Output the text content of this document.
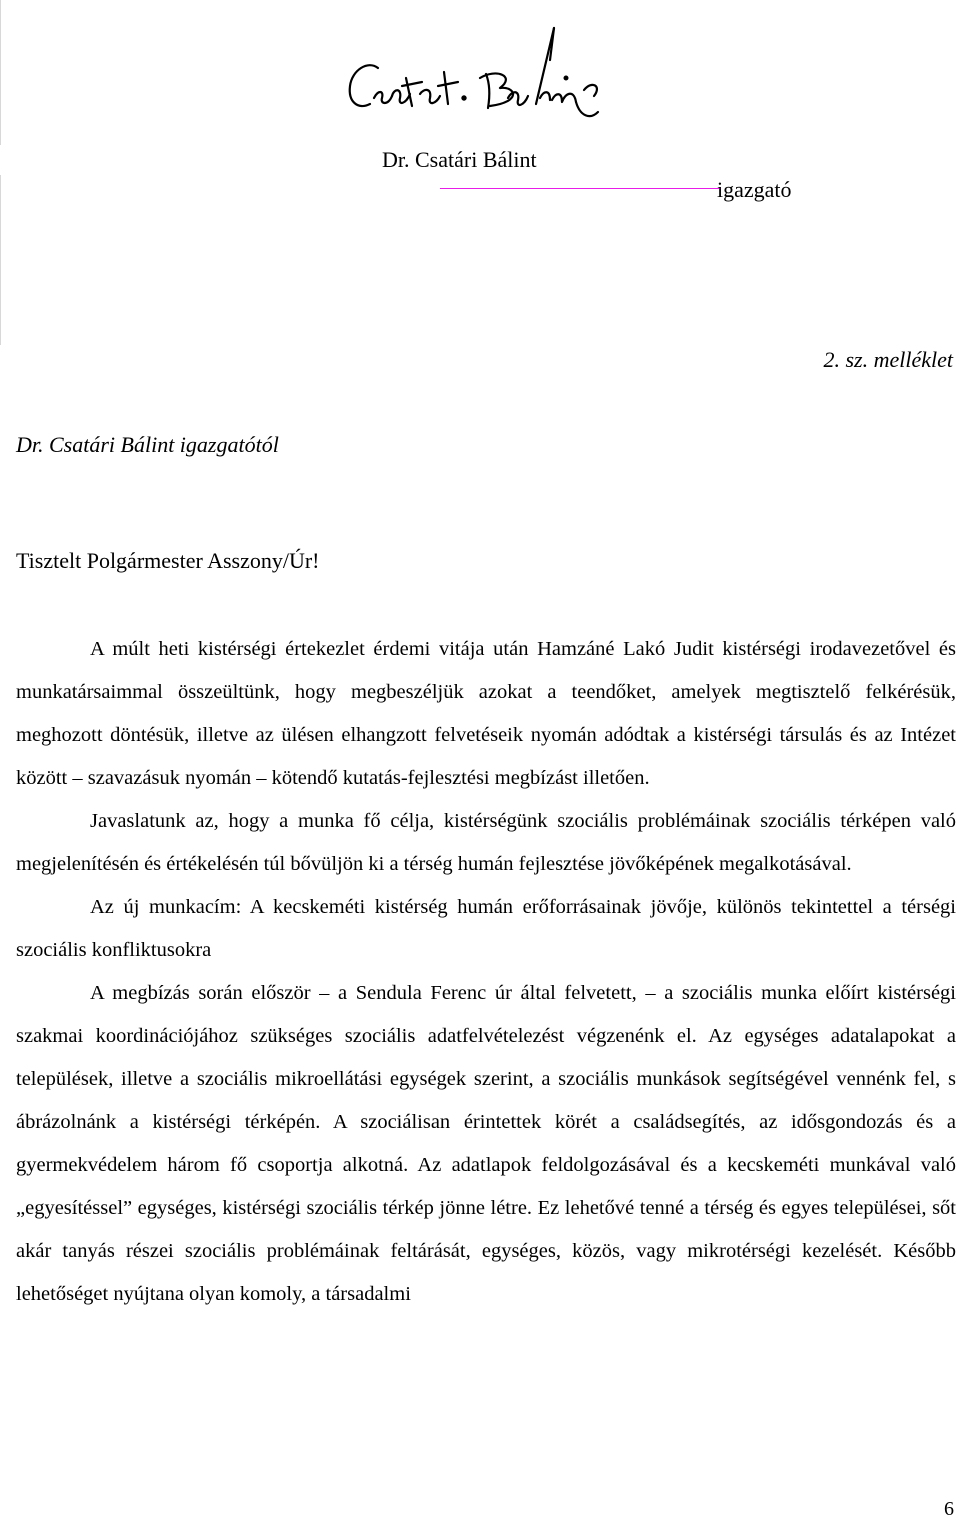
Dr. Csatári Bálint
igazgató
2. sz. melléklet
Dr. Csatári Bálint igazgatótól
Tisztelt Polgármester Asszony/Úr!

A múlt heti kistérségi értekezlet érdemi vitája után Hamzáné Lakó Judit kistérségi irodavezetővel és munkatársaimmal összeültünk, hogy megbeszéljük azokat a teendőket, amelyek megtisztelő felkérésük, meghozott döntésük, illetve az ülésen elhangzott felvetéseik nyomán adódtak a kistérségi társulás és az Intézet között – szavazásuk nyomán – kötendő kutatás-fejlesztési megbízást illetően.

Javaslatunk az, hogy a munka fő célja, kistérségünk szociális problémáinak szociális térképen való megjelenítésén és értékelésén túl bővüljön ki a térség humán fejlesztése jövőképének megalkotásával.

Az új munkacím: A kecskeméti kistérség humán erőforrásainak jövője, különös tekintettel a térségi szociális konfliktusokra

A megbízás során először – a Sendula Ferenc úr által felvetett, – a szociális munka előírt kistérségi szakmai koordinációjához szükséges szociális adatfelvételezést végzenénk el. Az egységes adatalapokat a települések, illetve a szociális mikroellátási egységek szerint, a szociális munkások segítségével vennénk fel, s ábrázolnánk a kistérségi térképén. A szociálisan érintettek körét a családsegítés, az idősgondozás és a gyermekvédelem három fő csoportja alkotná. Az adatlapok feldolgozásával és a kecskeméti munkával való „egyesítéssel” egységes, kistérségi szociális térkép jönne létre. Ez lehetővé tenné a térség és egyes települései, sőt akár tanyás részei szociális problémáinak feltárását, egységes, közös, vagy mikrotérségi kezelését. Később lehetőséget nyújtana olyan komoly, a társadalmi

6
